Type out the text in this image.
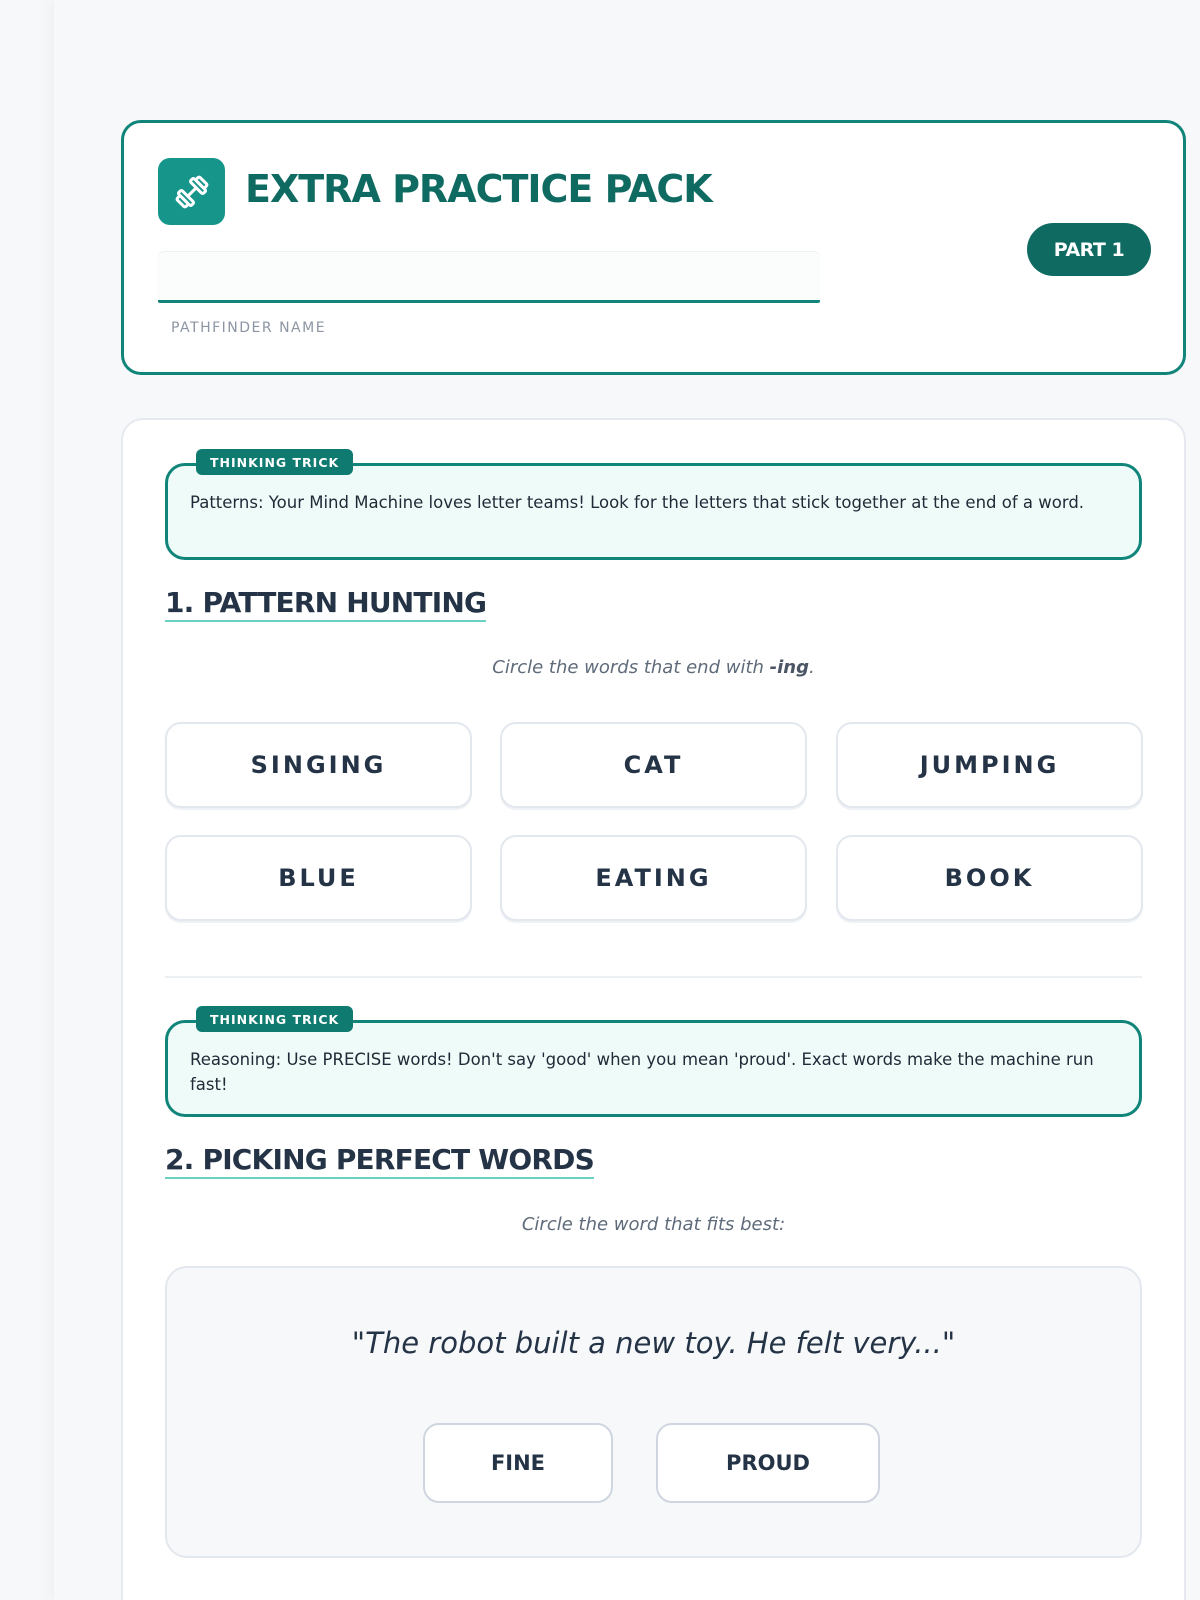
EXTRA PRACTICE PACK
PATHFINDER NAME
PART 1
THINKING TRICK
Patterns: Your Mind Machine loves letter teams! Look for the letters that stick together at the end of a word.
1. PATTERN HUNTING
Circle the words that end with -ing.
SINGING	CAT	JUMPING
BLUE	EATING	BOOK
THINKING TRICK
Reasoning: Use PRECISE words! Don't say 'good' when you mean 'proud'. Exact words make the machine run fast!
2. PICKING PERFECT WORDS
Circle the word that fits best:
"The robot built a new toy. He felt very..."
FINE	PROUD
